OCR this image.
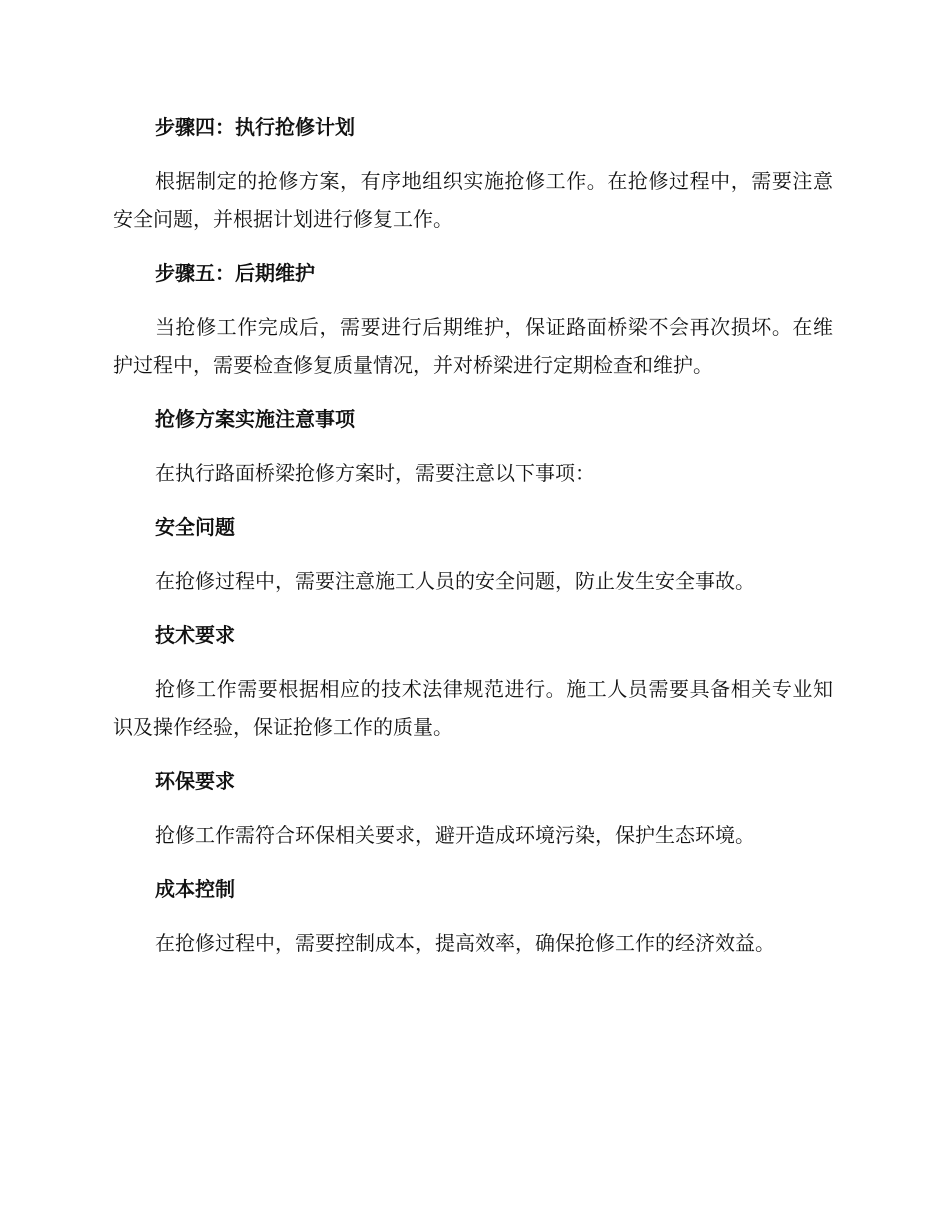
步骤四：执行抢修计划

根据制定的抢修方案，有序地组织实施抢修工作。在抢修过程中，需要注意安全问题，并根据计划进行修复工作。

步骤五：后期维护

当抢修工作完成后，需要进行后期维护，保证路面桥梁不会再次损坏。在维护过程中，需要检查修复质量情况，并对桥梁进行定期检查和维护。

抢修方案实施注意事项

在执行路面桥梁抢修方案时，需要注意以下事项：

安全问题

在抢修过程中，需要注意施工人员的安全问题，防止发生安全事故。

技术要求

抢修工作需要根据相应的技术法律规范进行。施工人员需要具备相关专业知识及操作经验，保证抢修工作的质量。

环保要求

抢修工作需符合环保相关要求，避开造成环境污染，保护生态环境。

成本控制

在抢修过程中，需要控制成本，提高效率，确保抢修工作的经济效益。
